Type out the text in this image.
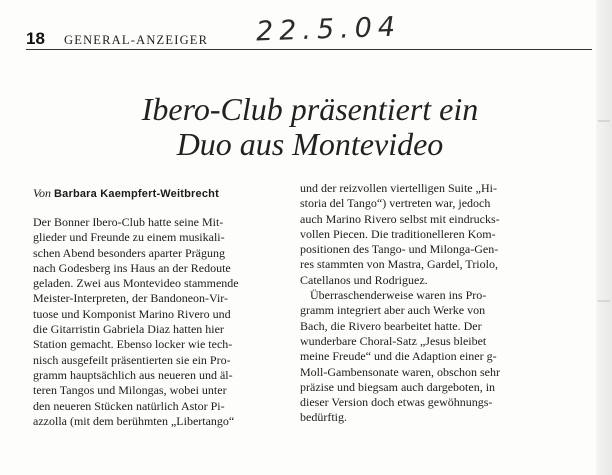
18 GENERAL-ANZEIGER 22.5.04
Ibero-Club präsentiert ein
Duo aus Montevideo
Von Barbara Kaempfert-Weitbrecht
Der Bonner Ibero-Club hatte seine Mit-
glieder und Freunde zu einem musikali-
schen Abend besonders aparter Prägung
nach Godesberg ins Haus an der Redoute
geladen. Zwei aus Montevideo stammende
Meister-Interpreten, der Bandoneon-Vir-
tuose und Komponist Marino Rivero und
die Gitarristin Gabriela Diaz hatten hier
Station gemacht. Ebenso locker wie tech-
nisch ausgefeilt präsentierten sie ein Pro-
gramm hauptsächlich aus neueren und äl-
teren Tangos und Milongas, wobei unter
den neueren Stücken natürlich Astor Pi-
azzolla (mit dem berühmten „Libertango“
und der reizvollen viertelligen Suite „Hi-
storia del Tango“) vertreten war, jedoch
auch Marino Rivero selbst mit eindrucks-
vollen Piecen. Die traditionelleren Kom-
positionen des Tango- und Milonga-Gen-
res stammten von Mastra, Gardel, Triolo,
Catellanos und Rodriguez.
Überraschenderweise waren ins Pro-
gramm integriert aber auch Werke von
Bach, die Rivero bearbeitet hatte. Der
wunderbare Choral-Satz „Jesus bleibet
meine Freude“ und die Adaption einer g-
Moll-Gambensonate waren, obschon sehr
präzise und biegsam auch dargeboten, in
dieser Version doch etwas gewöhnungs-
bedürftig.
